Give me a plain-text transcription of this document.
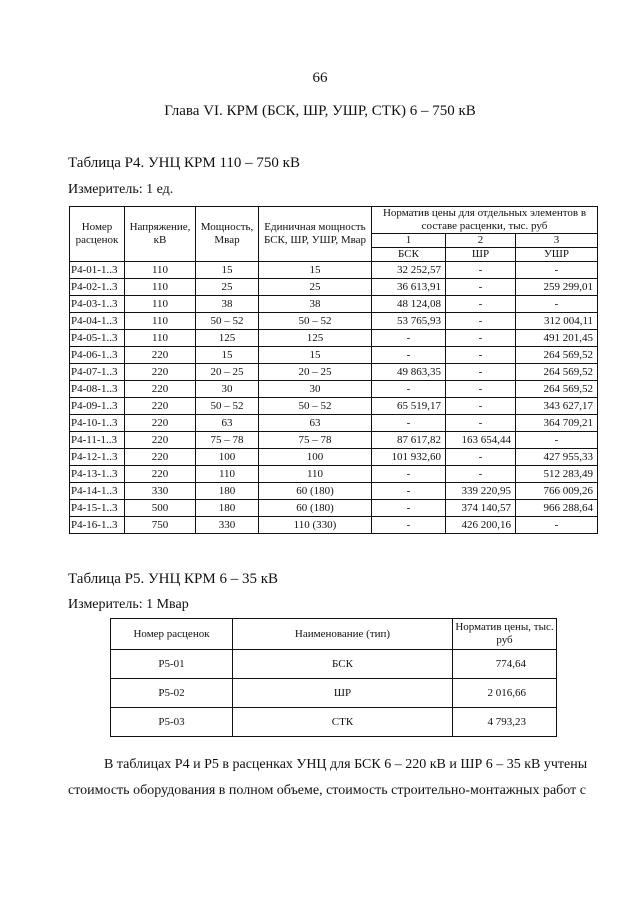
66
Глава VI. КРМ (БСК, ШР, УШР, СТК) 6 – 750 кВ
Таблица Р4. УНЦ КРМ 110 – 750 кВ
Измеритель: 1 ед.
Номер расценок	Напряжение, кВ	Мощность, Мвар	Единичная мощность БСК, ШР, УШР, Мвар	Норматив цены для отдельных элементов в составе расценки, тыс. руб		
				1	2	3
				БСК	ШР	УШР
Р4-01-1..3	110	15	15	32 252,57	-	-
Р4-02-1..3	110	25	25	36 613,91	-	259 299,01
Р4-03-1..3	110	38	38	48 124,08	-	-
Р4-04-1..3	110	50 – 52	50 – 52	53 765,93	-	312 004,11
Р4-05-1..3	110	125	125	-	-	491 201,45
Р4-06-1..3	220	15	15	-	-	264 569,52
Р4-07-1..3	220	20 – 25	20 – 25	49 863,35	-	264 569,52
Р4-08-1..3	220	30	30	-	-	264 569,52
Р4-09-1..3	220	50 – 52	50 – 52	65 519,17	-	343 627,17
Р4-10-1..3	220	63	63	-	-	364 709,21
Р4-11-1..3	220	75 – 78	75 – 78	87 617,82	163 654,44	-
Р4-12-1..3	220	100	100	101 932,60	-	427 955,33
Р4-13-1..3	220	110	110	-	-	512 283,49
Р4-14-1..3	330	180	60 (180)	-	339 220,95	766 009,26
Р4-15-1..3	500	180	60 (180)	-	374 140,57	966 288,64
Р4-16-1..3	750	330	110 (330)	-	426 200,16	-
Таблица Р5. УНЦ КРМ 6 – 35 кВ
Измеритель: 1 Мвар
Номер расценок	Наименование (тип)	Норматив цены, тыс. руб
Р5-01	БСК	774,64
Р5-02	ШР	2 016,66
Р5-03	СТК	4 793,23
В таблицах Р4 и Р5 в расценках УНЦ для БСК 6 – 220 кВ и ШР 6 – 35 кВ учтены
стоимость оборудования в полном объеме, стоимость строительно-монтажных работ с
